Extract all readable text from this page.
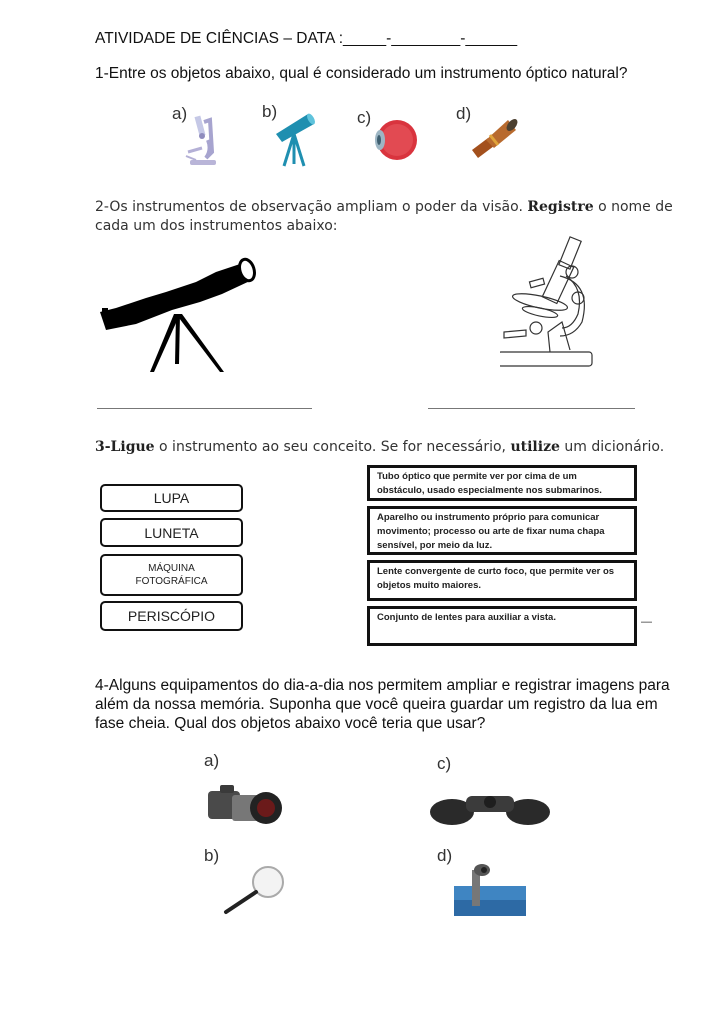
ATIVIDADE DE CIÊNCIAS – DATA :_____-________-______
1-Entre os objetos abaixo, qual é considerado um instrumento óptico natural?
a)	b)	c)	d)
2-Os instrumentos de observação ampliam o poder da visão. Registre o nome de cada um dos instrumentos abaixo:
3-Ligue o instrumento ao seu conceito. Se for necessário, utilize um dicionário.
LUPA
LUNETA
MÁQUINA
FOTOGRÁFICA
PERISCÓPIO
Tubo óptico que permite ver por cima de um obstáculo, usado especialmente nos submarinos.
Aparelho ou instrumento próprio para comunicar movimento; processo ou arte de fixar numa chapa sensível, por meio da luz.
Lente convergente de curto foco, que permite ver os objetos muito maiores.
Conjunto de lentes para auxiliar a vista.	—
4-Alguns equipamentos do dia-a-dia nos permitem ampliar e registrar imagens para além da nossa memória. Suponha que você queira guardar um registro da lua em fase cheia. Qual dos objetos abaixo você teria que usar?
a)	c)
b)	d)
